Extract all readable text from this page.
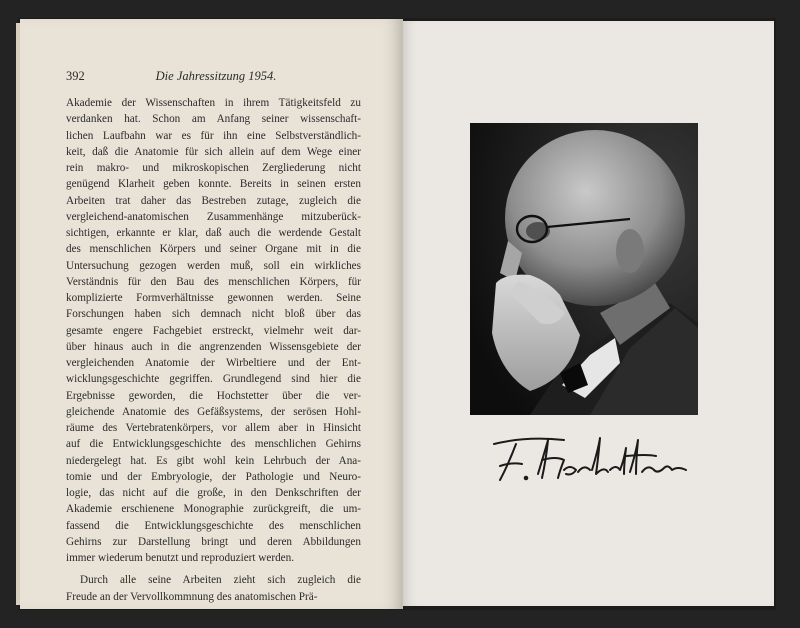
392	Die Jahressitzung 1954.
Akademie der Wissenschaften in ihrem Tätigkeitsfeld zu
verdanken hat. Schon am Anfang seiner wissenschaft-
lichen Laufbahn war es für ihn eine Selbstverständlich-
keit, daß die Anatomie für sich allein auf dem Wege einer
rein makro- und mikroskopischen Zergliederung nicht
genügend Klarheit geben konnte. Bereits in seinen ersten
Arbeiten trat daher das Bestreben zutage, zugleich die
vergleichend-anatomischen Zusammenhänge mitzuberück-
sichtigen, erkannte er klar, daß auch die werdende Gestalt
des menschlichen Körpers und seiner Organe mit in die
Untersuchung gezogen werden muß, soll ein wirkliches
Verständnis für den Bau des menschlichen Körpers, für
komplizierte Formverhältnisse gewonnen werden. Seine
Forschungen haben sich demnach nicht bloß über das
gesamte engere Fachgebiet erstreckt, vielmehr weit dar-
über hinaus auch in die angrenzenden Wissensgebiete der
vergleichenden Anatomie der Wirbeltiere und der Ent-
wicklungsgeschichte gegriffen. Grundlegend sind hier die
Ergebnisse geworden, die Hochstetter über die ver-
gleichende Anatomie des Gefäßsystems, der serösen Hohl-
räume des Vertebratenkörpers, vor allem aber in Hinsicht
auf die Entwicklungsgeschichte des menschlichen Gehirns
niedergelegt hat. Es gibt wohl kein Lehrbuch der Ana-
tomie und der Embryologie, der Pathologie und Neuro-
logie, das nicht auf die große, in den Denkschriften der
Akademie erschienene Monographie zurückgreift, die um-
fassend die Entwicklungsgeschichte des menschlichen
Gehirns zur Darstellung bringt und deren Abbildungen
immer wiederum benutzt und reproduziert werden.
Durch alle seine Arbeiten zieht sich zugleich die
Freude an der Vervollkommnung des anatomischen Prä-
